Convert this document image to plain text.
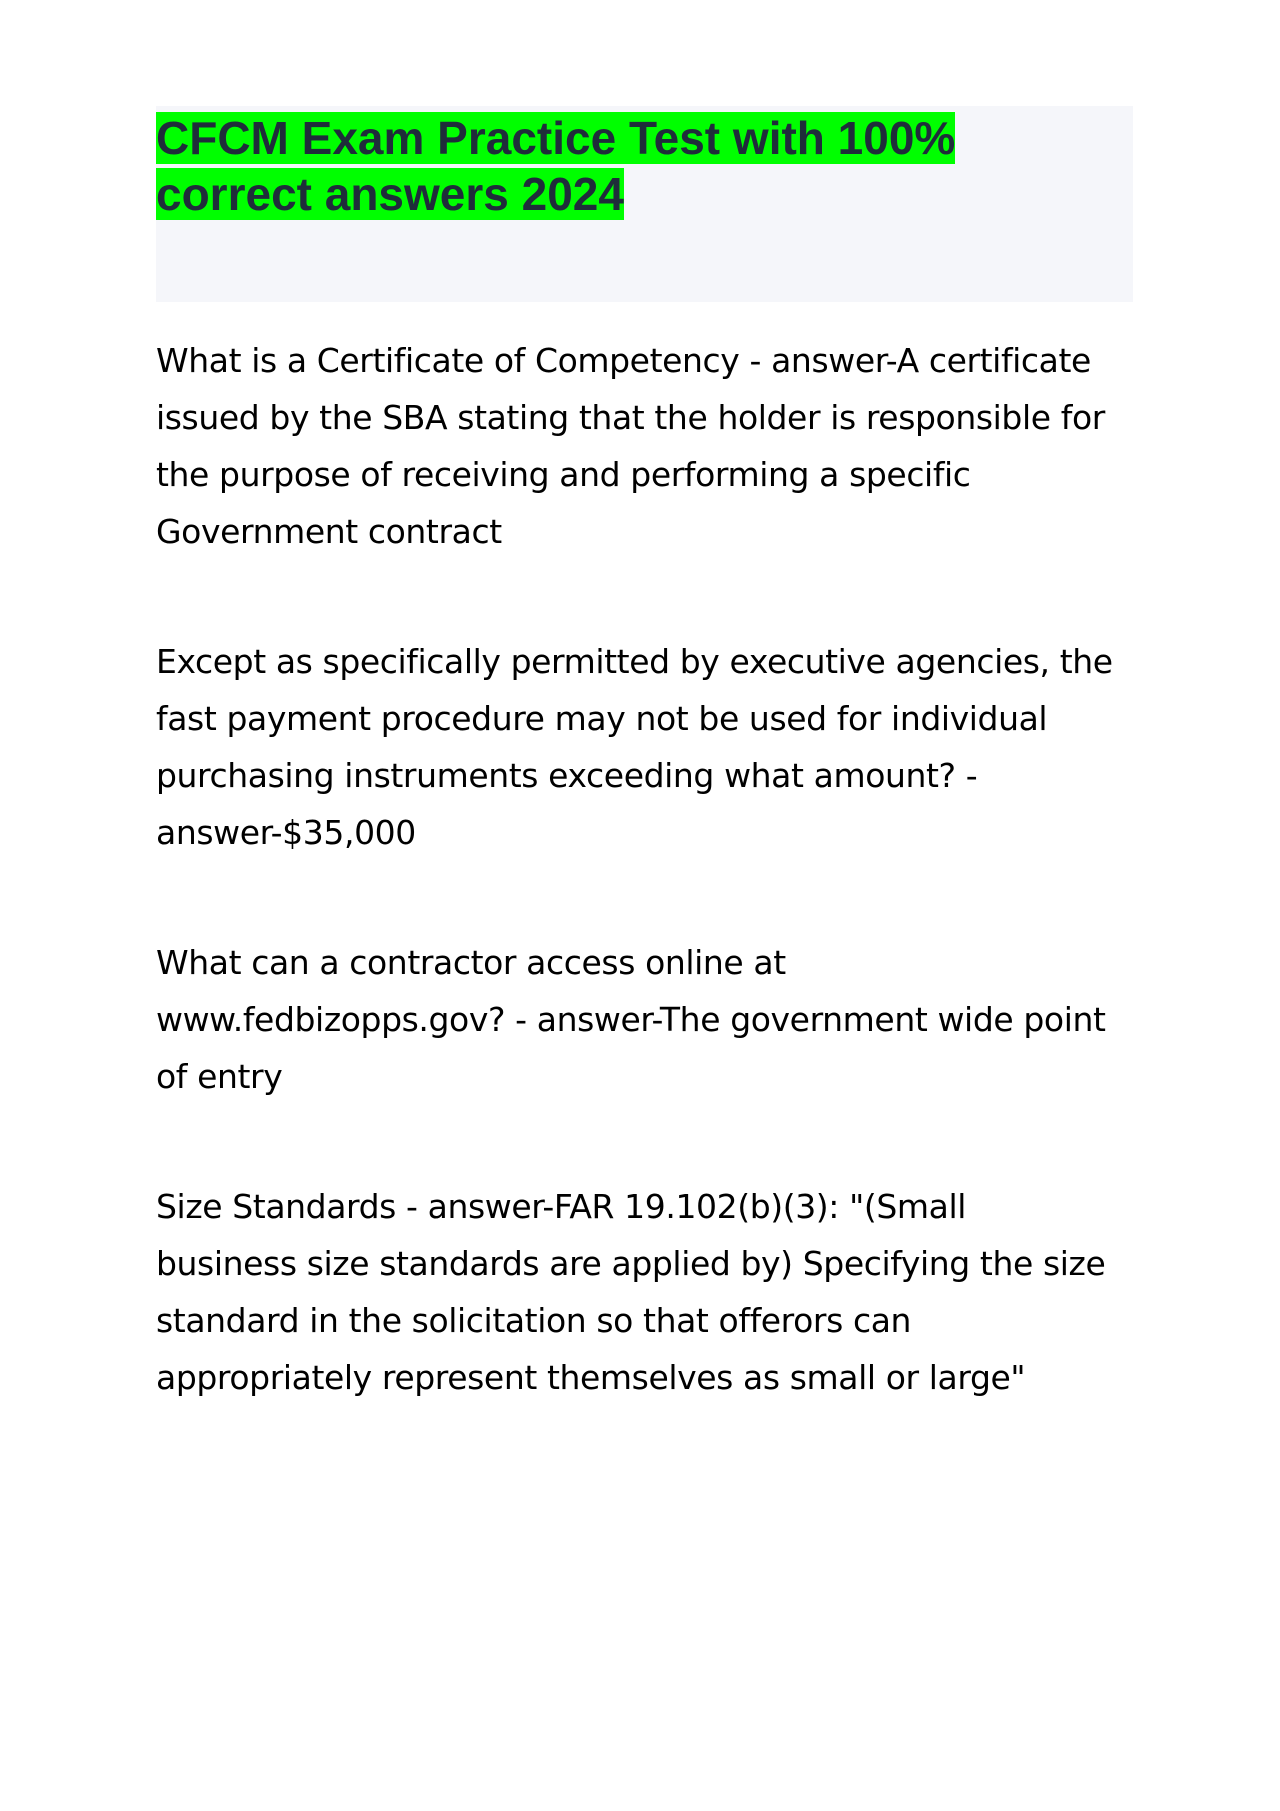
CFCM Exam Practice Test with 100% correct answers 2024

What is a Certificate of Competency - answer-A certificate issued by the SBA stating that the holder is responsible for the purpose of receiving and performing a specific Government contract

Except as specifically permitted by executive agencies, the fast payment procedure may not be used for individual purchasing instruments exceeding what amount? - answer-$35,000

What can a contractor access online at www.fedbizopps.gov? - answer-The government wide point of entry

Size Standards - answer-FAR 19.102(b)(3): "(Small business size standards are applied by) Specifying the size standard in the solicitation so that offerors can appropriately represent themselves as small or large"
